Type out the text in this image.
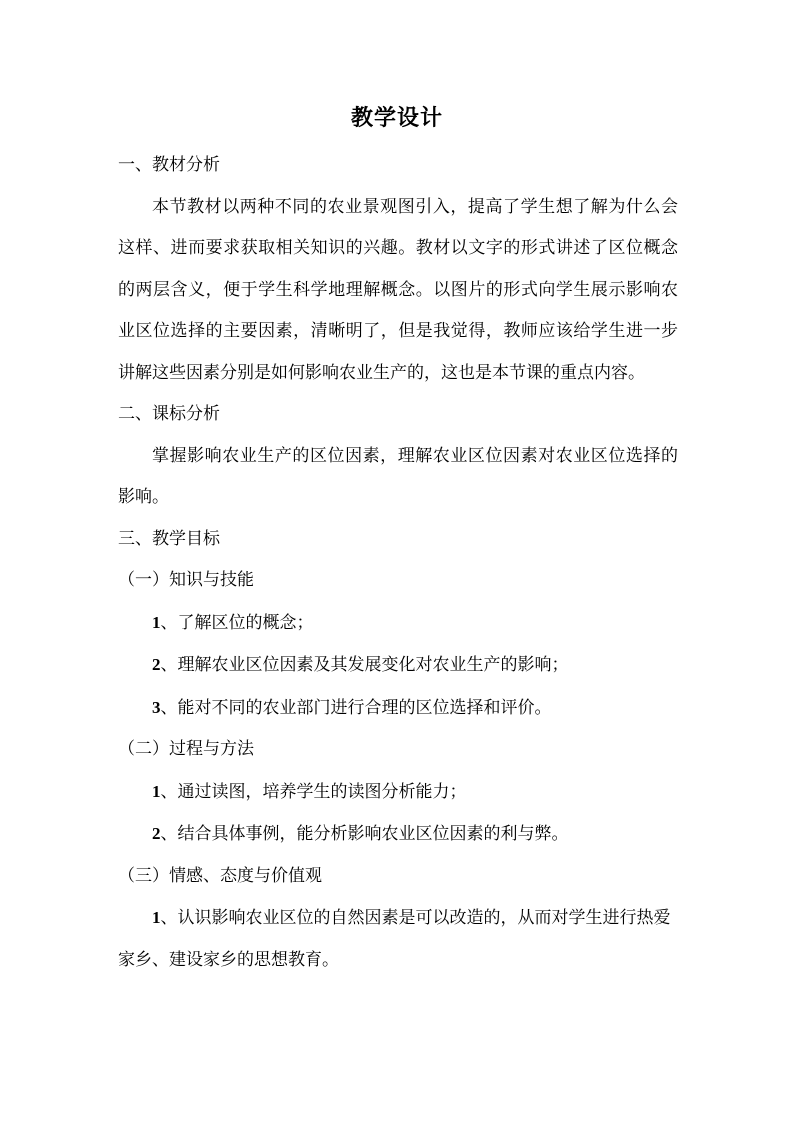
教学设计

一、教材分析

本节教材以两种不同的农业景观图引入，提高了学生想了解为什么会这样、进而要求获取相关知识的兴趣。教材以文字的形式讲述了区位概念的两层含义，便于学生科学地理解概念。以图片的形式向学生展示影响农业区位选择的主要因素，清晰明了，但是我觉得，教师应该给学生进一步讲解这些因素分别是如何影响农业生产的，这也是本节课的重点内容。

二、课标分析

掌握影响农业生产的区位因素，理解农业区位因素对农业区位选择的影响。

三、教学目标

（一）知识与技能

1、了解区位的概念；

2、理解农业区位因素及其发展变化对农业生产的影响；

3、能对不同的农业部门进行合理的区位选择和评价。

（二）过程与方法

1、通过读图，培养学生的读图分析能力；

2、结合具体事例，能分析影响农业区位因素的利与弊。

（三）情感、态度与价值观

1、认识影响农业区位的自然因素是可以改造的，从而对学生进行热爱家乡、建设家乡的思想教育。
